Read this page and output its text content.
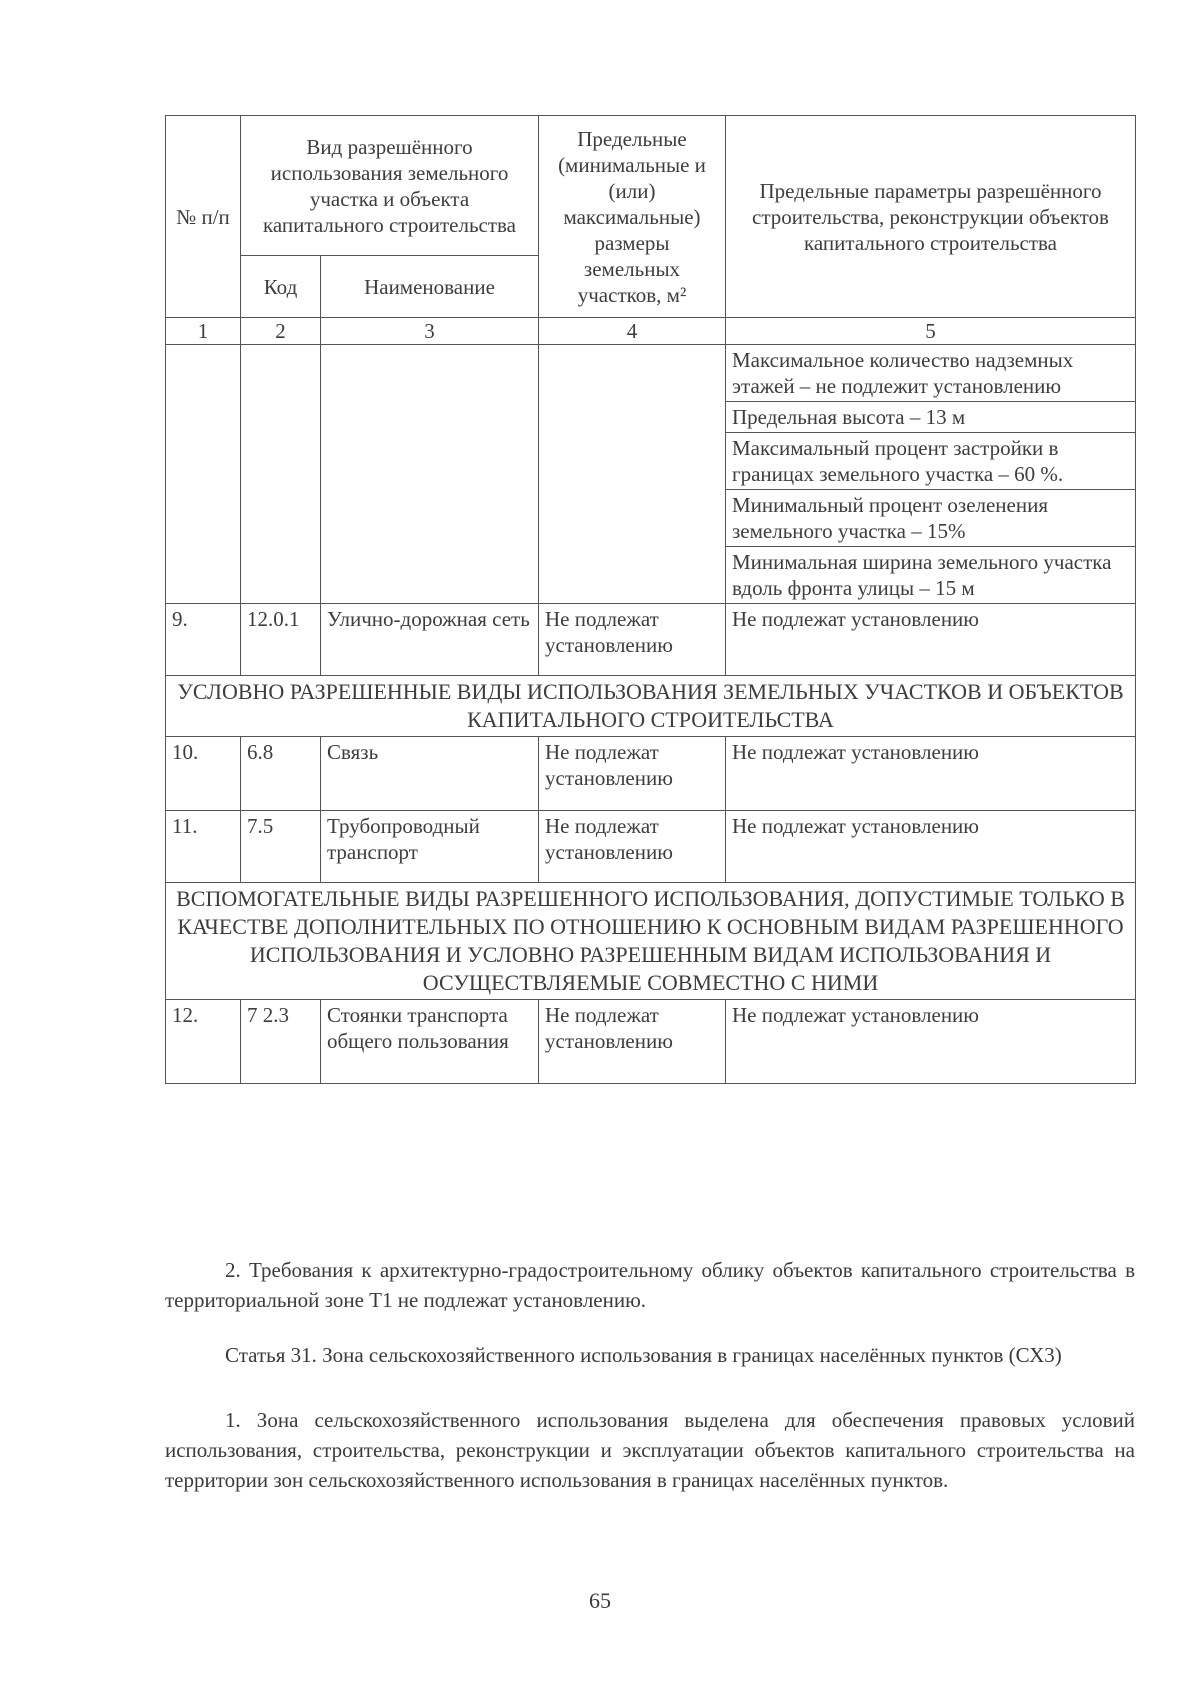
№ п/п	Вид разрешённого использования земельного участка и объекта капитального строительства		Предельные (минимальные и (или) максимальные) размеры земельных участков, м²	Предельные параметры разрешённого строительства, реконструкции объектов капитального строительства
	Код	Наименование		
1	2	3	4	5

				Максимальное количество надземных этажей – не подлежит установлению
Предельная высота – 13 м
Максимальный процент застройки в границах земельного участка – 60 %.
Минимальный процент озеленения земельного участка – 15%
Минимальная ширина земельного участка вдоль фронта улицы – 15 м

9.	12.0.1	Улично-дорожная сеть	Не подлежат установлению	Не подлежат установлению
УСЛОВНО РАЗРЕШЕННЫЕ ВИДЫ ИСПОЛЬЗОВАНИЯ ЗЕМЕЛЬНЫХ УЧАСТКОВ И ОБЪЕКТОВ КАПИТАЛЬНОГО СТРОИТЕЛЬСТВА				
10.	6.8	Связь	Не подлежат установлению	Не подлежат установлению
11.	7.5	Трубопроводный транспорт	Не подлежат установлению	Не подлежат установлению
ВСПОМОГАТЕЛЬНЫЕ ВИДЫ РАЗРЕШЕННОГО ИСПОЛЬЗОВАНИЯ, ДОПУСТИМЫЕ ТОЛЬКО В КАЧЕСТВЕ ДОПОЛНИТЕЛЬНЫХ ПО ОТНОШЕНИЮ К ОСНОВНЫМ ВИДАМ РАЗРЕШЕННОГО ИСПОЛЬЗОВАНИЯ И УСЛОВНО РАЗРЕШЕННЫМ ВИДАМ ИСПОЛЬЗОВАНИЯ И ОСУЩЕСТВЛЯЕМЫЕ СОВМЕСТНО С НИМИ				
12.	7 2.3	Стоянки транспорта общего пользования	Не подлежат установлению	Не подлежат установлению
2. Требования к архитектурно-градостроительному облику объектов капитального строительства в территориальной зоне Т1 не подлежат установлению.
Статья 31. Зона сельскохозяйственного использования в границах населённых пунктов (СХ3)
1. Зона сельскохозяйственного использования выделена для обеспечения правовых условий использования, строительства, реконструкции и эксплуатации объектов капитального строительства на территории зон сельскохозяйственного использования в границах населённых пунктов.
65
